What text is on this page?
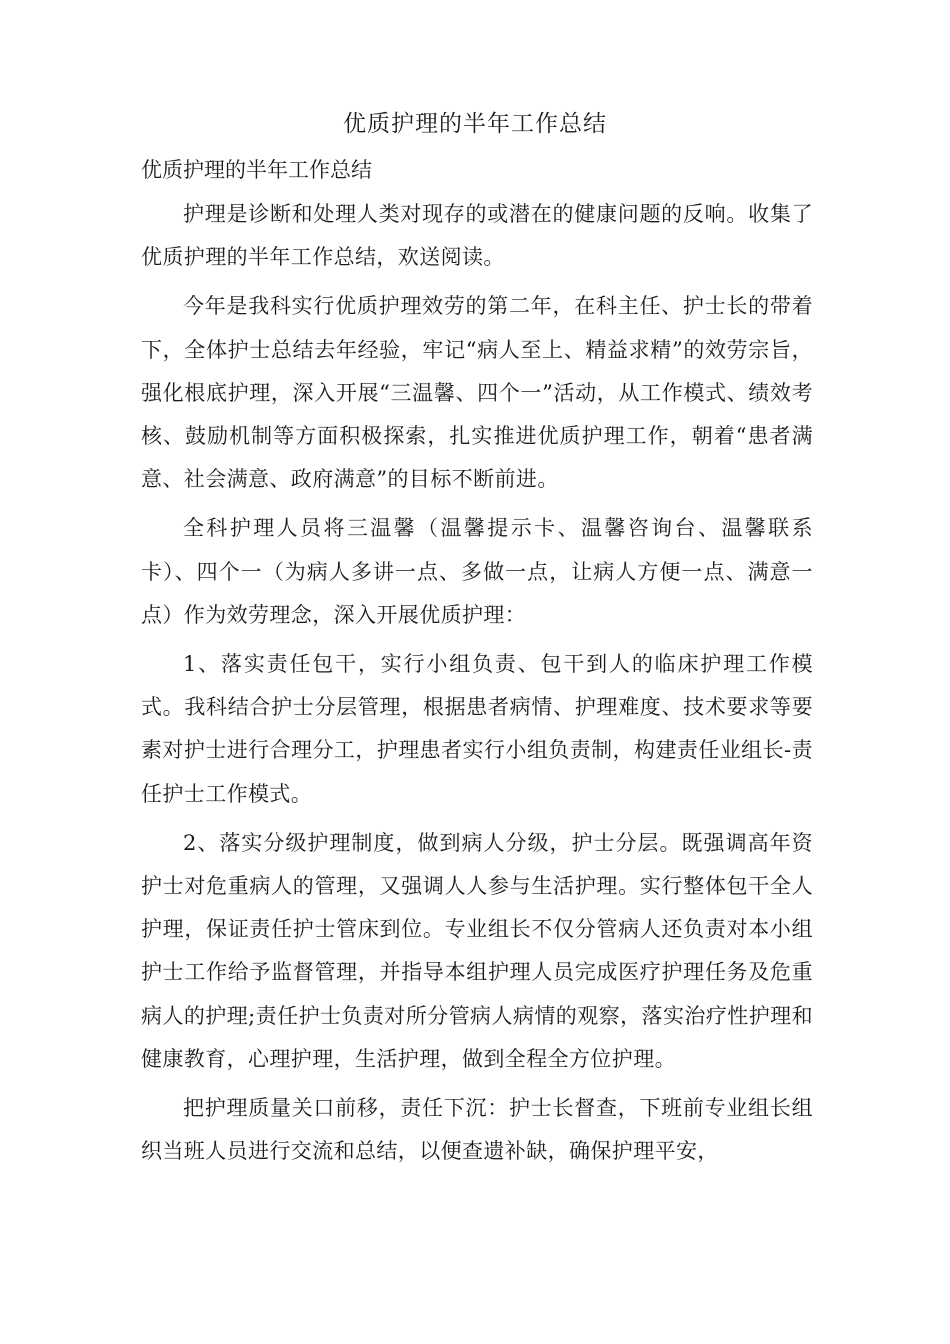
优质护理的半年工作总结
优质护理的半年工作总结

护理是诊断和处理人类对现存的或潜在的健康问题的反响。收集了优质护理的半年工作总结，欢送阅读。

今年是我科实行优质护理效劳的第二年，在科主任、护士长的带着下，全体护士总结去年经验，牢记“病人至上、精益求精”的效劳宗旨，强化根底护理，深入开展“三温馨、四个一”活动，从工作模式、绩效考核、鼓励机制等方面积极探索，扎实推进优质护理工作，朝着“患者满意、社会满意、政府满意”的目标不断前进。

全科护理人员将三温馨（温馨提示卡、温馨咨询台、温馨联系卡）、四个一（为病人多讲一点、多做一点，让病人方便一点、满意一点）作为效劳理念，深入开展优质护理：

1、落实责任包干，实行小组负责、包干到人的临床护理工作模式。我科结合护士分层管理，根据患者病情、护理难度、技术要求等要素对护士进行合理分工，护理患者实行小组负责制，构建责任业组长-责任护士工作模式。

2、落实分级护理制度，做到病人分级，护士分层。既强调高年资护士对危重病人的管理，又强调人人参与生活护理。实行整体包干全人护理，保证责任护士管床到位。专业组长不仅分管病人还负责对本小组护士工作给予监督管理，并指导本组护理人员完成医疗护理任务及危重病人的护理;责任护士负责对所分管病人病情的观察，落实治疗性护理和健康教育，心理护理，生活护理，做到全程全方位护理。

把护理质量关口前移，责任下沉：护士长督查，下班前专业组长组织当班人员进行交流和总结，以便查遗补缺，确保护理平安，
